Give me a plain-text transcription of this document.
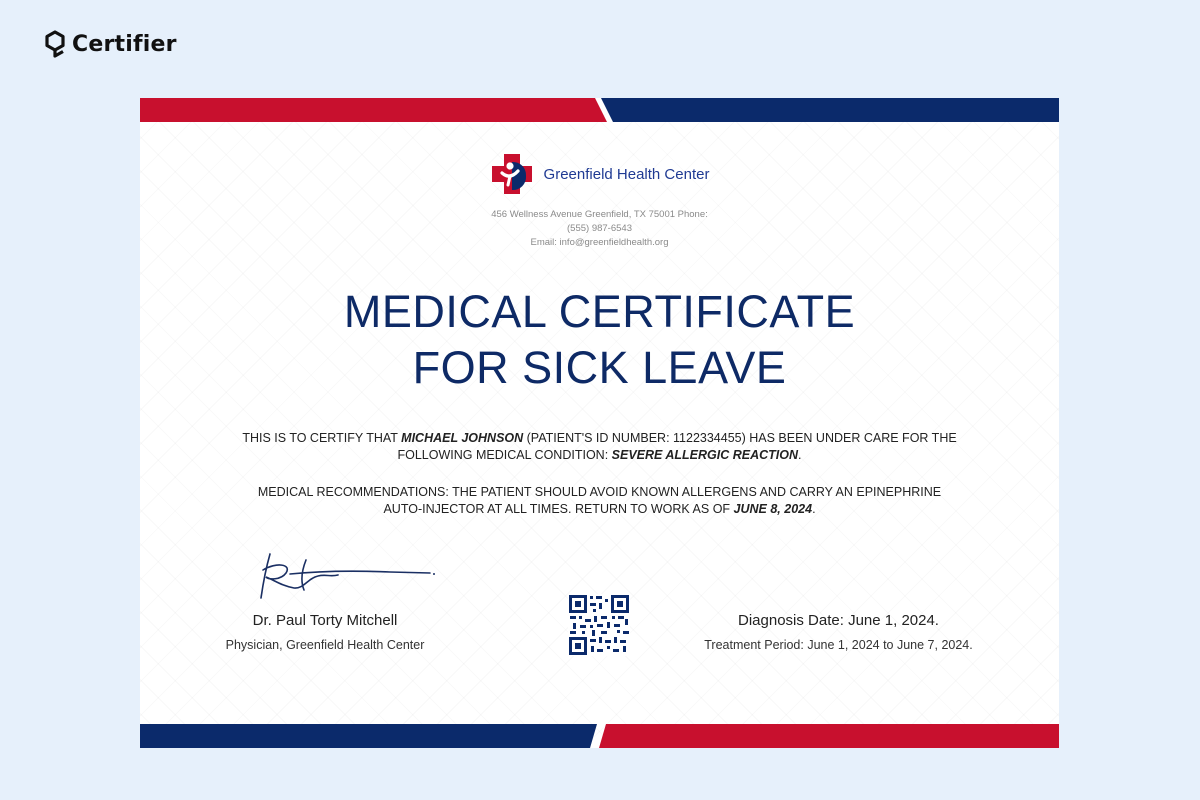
Certifier
Greenfield Health Center
456 Wellness Avenue Greenfield, TX 75001 Phone:
(555) 987-6543
Email: info@greenfieldhealth.org
MEDICAL CERTIFICATE
FOR SICK LEAVE
THIS IS TO CERTIFY THAT MICHAEL JOHNSON (PATIENT'S ID NUMBER: 1122334455) HAS BEEN UNDER CARE FOR THE FOLLOWING MEDICAL CONDITION: SEVERE ALLERGIC REACTION.
MEDICAL RECOMMENDATIONS: THE PATIENT SHOULD AVOID KNOWN ALLERGENS AND CARRY AN EPINEPHRINE AUTO-INJECTOR AT ALL TIMES. RETURN TO WORK AS OF JUNE 8, 2024.
Dr. Paul Torty Mitchell
Physician, Greenfield Health Center
Diagnosis Date: June 1, 2024.
Treatment Period: June 1, 2024 to June 7, 2024.
